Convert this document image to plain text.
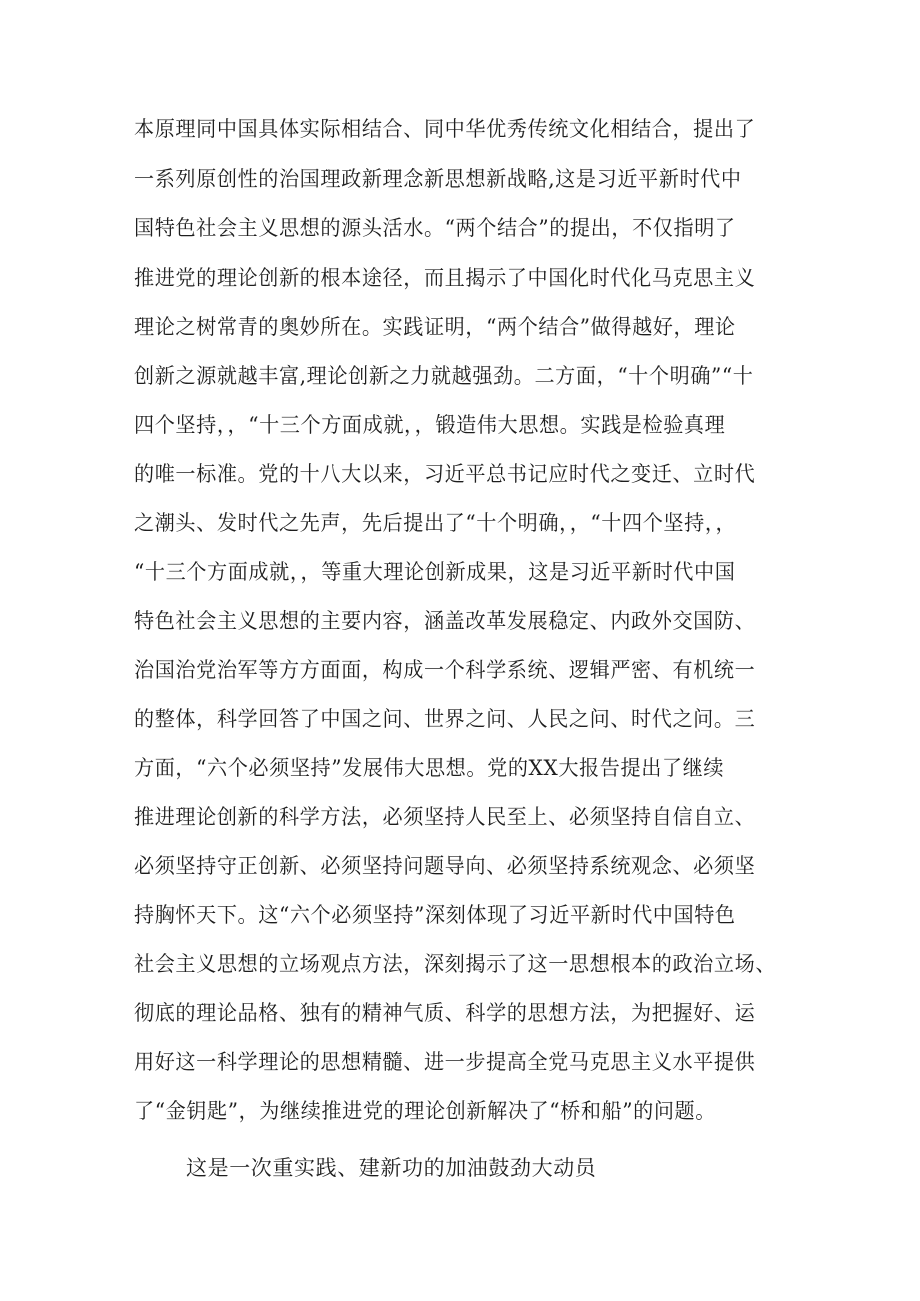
本原理同中国具体实际相结合、同中华优秀传统文化相结合，提出了
一系列原创性的治国理政新理念新思想新战略,这是习近平新时代中
国特色社会主义思想的源头活水。“两个结合”的提出，不仅指明了
推进党的理论创新的根本途径，而且揭示了中国化时代化马克思主义
理论之树常青的奥妙所在。实践证明，“两个结合”做得越好，理论
创新之源就越丰富,理论创新之力就越强劲。二方面，“十个明确”“十
四个坚持，，“十三个方面成就，，锻造伟大思想。实践是检验真理
的唯一标准。党的十八大以来，习近平总书记应时代之变迁、立时代
之潮头、发时代之先声，先后提出了“十个明确，，“十四个坚持，，
“十三个方面成就，，等重大理论创新成果，这是习近平新时代中国
特色社会主义思想的主要内容，涵盖改革发展稳定、内政外交国防、
治国治党治军等方方面面，构成一个科学系统、逻辑严密、有机统一
的整体，科学回答了中国之问、世界之问、人民之问、时代之问。三
方面，“六个必须坚持”发展伟大思想。党的XX大报告提出了继续
推进理论创新的科学方法，必须坚持人民至上、必须坚持自信自立、
必须坚持守正创新、必须坚持问题导向、必须坚持系统观念、必须坚
持胸怀天下。这“六个必须坚持”深刻体现了习近平新时代中国特色
社会主义思想的立场观点方法，深刻揭示了这一思想根本的政治立场、
彻底的理论品格、独有的精神气质、科学的思想方法，为把握好、运
用好这一科学理论的思想精髓、进一步提高全党马克思主义水平提供
了“金钥匙”，为继续推进党的理论创新解决了“桥和船”的问题。
这是一次重实践、建新功的加油鼓劲大动员
